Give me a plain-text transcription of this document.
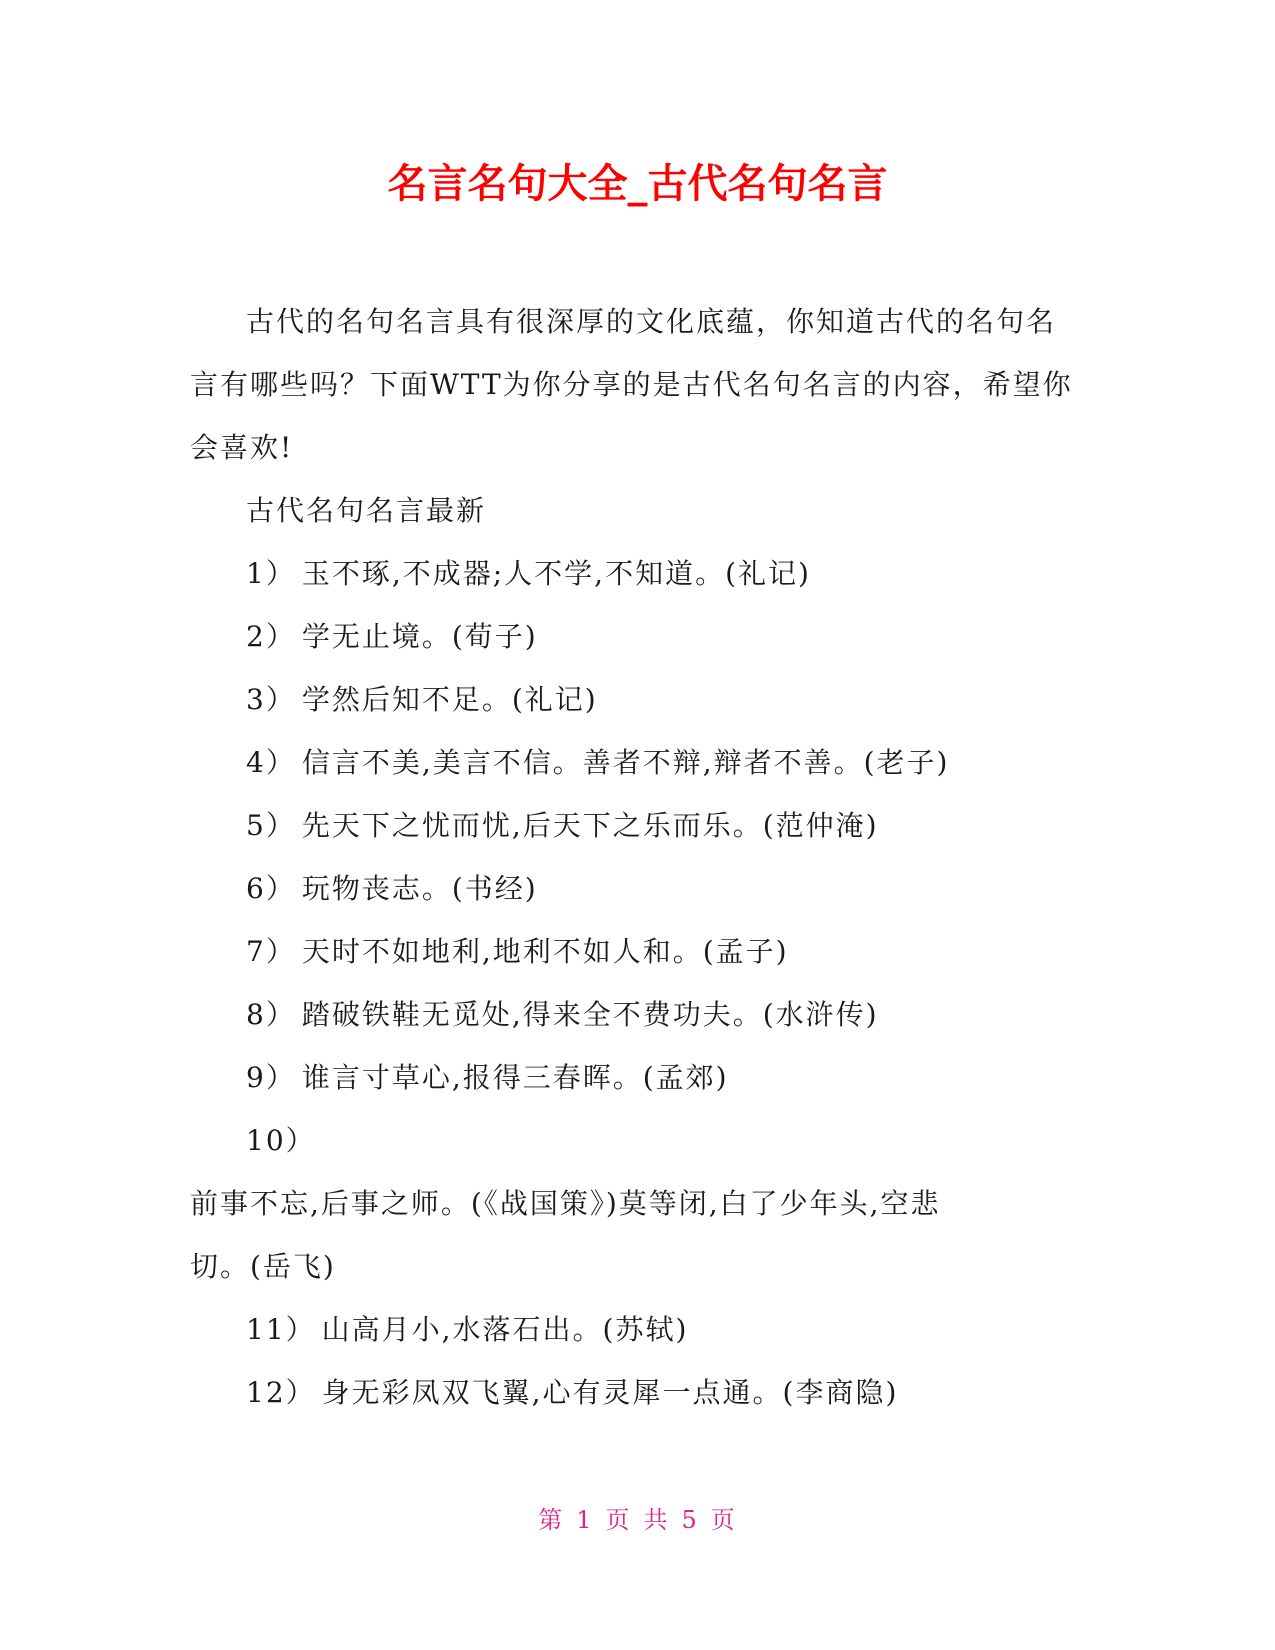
名言名句大全_古代名句名言

古代的名句名言具有很深厚的文化底蕴，你知道古代的名句名言有哪些吗？下面WTT为你分享的是古代名句名言的内容，希望你会喜欢!

古代名句名言最新

1） 玉不琢,不成器;人不学,不知道。(礼记)

2） 学无止境。(荀子)

3） 学然后知不足。(礼记)

4） 信言不美,美言不信。善者不辩,辩者不善。(老子)

5） 先天下之忧而忧,后天下之乐而乐。(范仲淹)

6） 玩物丧志。(书经)

7） 天时不如地利,地利不如人和。(孟子)

8） 踏破铁鞋无觅处,得来全不费功夫。(水浒传)

9） 谁言寸草心,报得三春晖。(孟郊)

10）

前事不忘,后事之师。(《战国策》)莫等闭,白了少年头,空悲

切。(岳飞)

11） 山高月小,水落石出。(苏轼)

12） 身无彩凤双飞翼,心有灵犀一点通。(李商隐)

第 1 页 共 5 页
